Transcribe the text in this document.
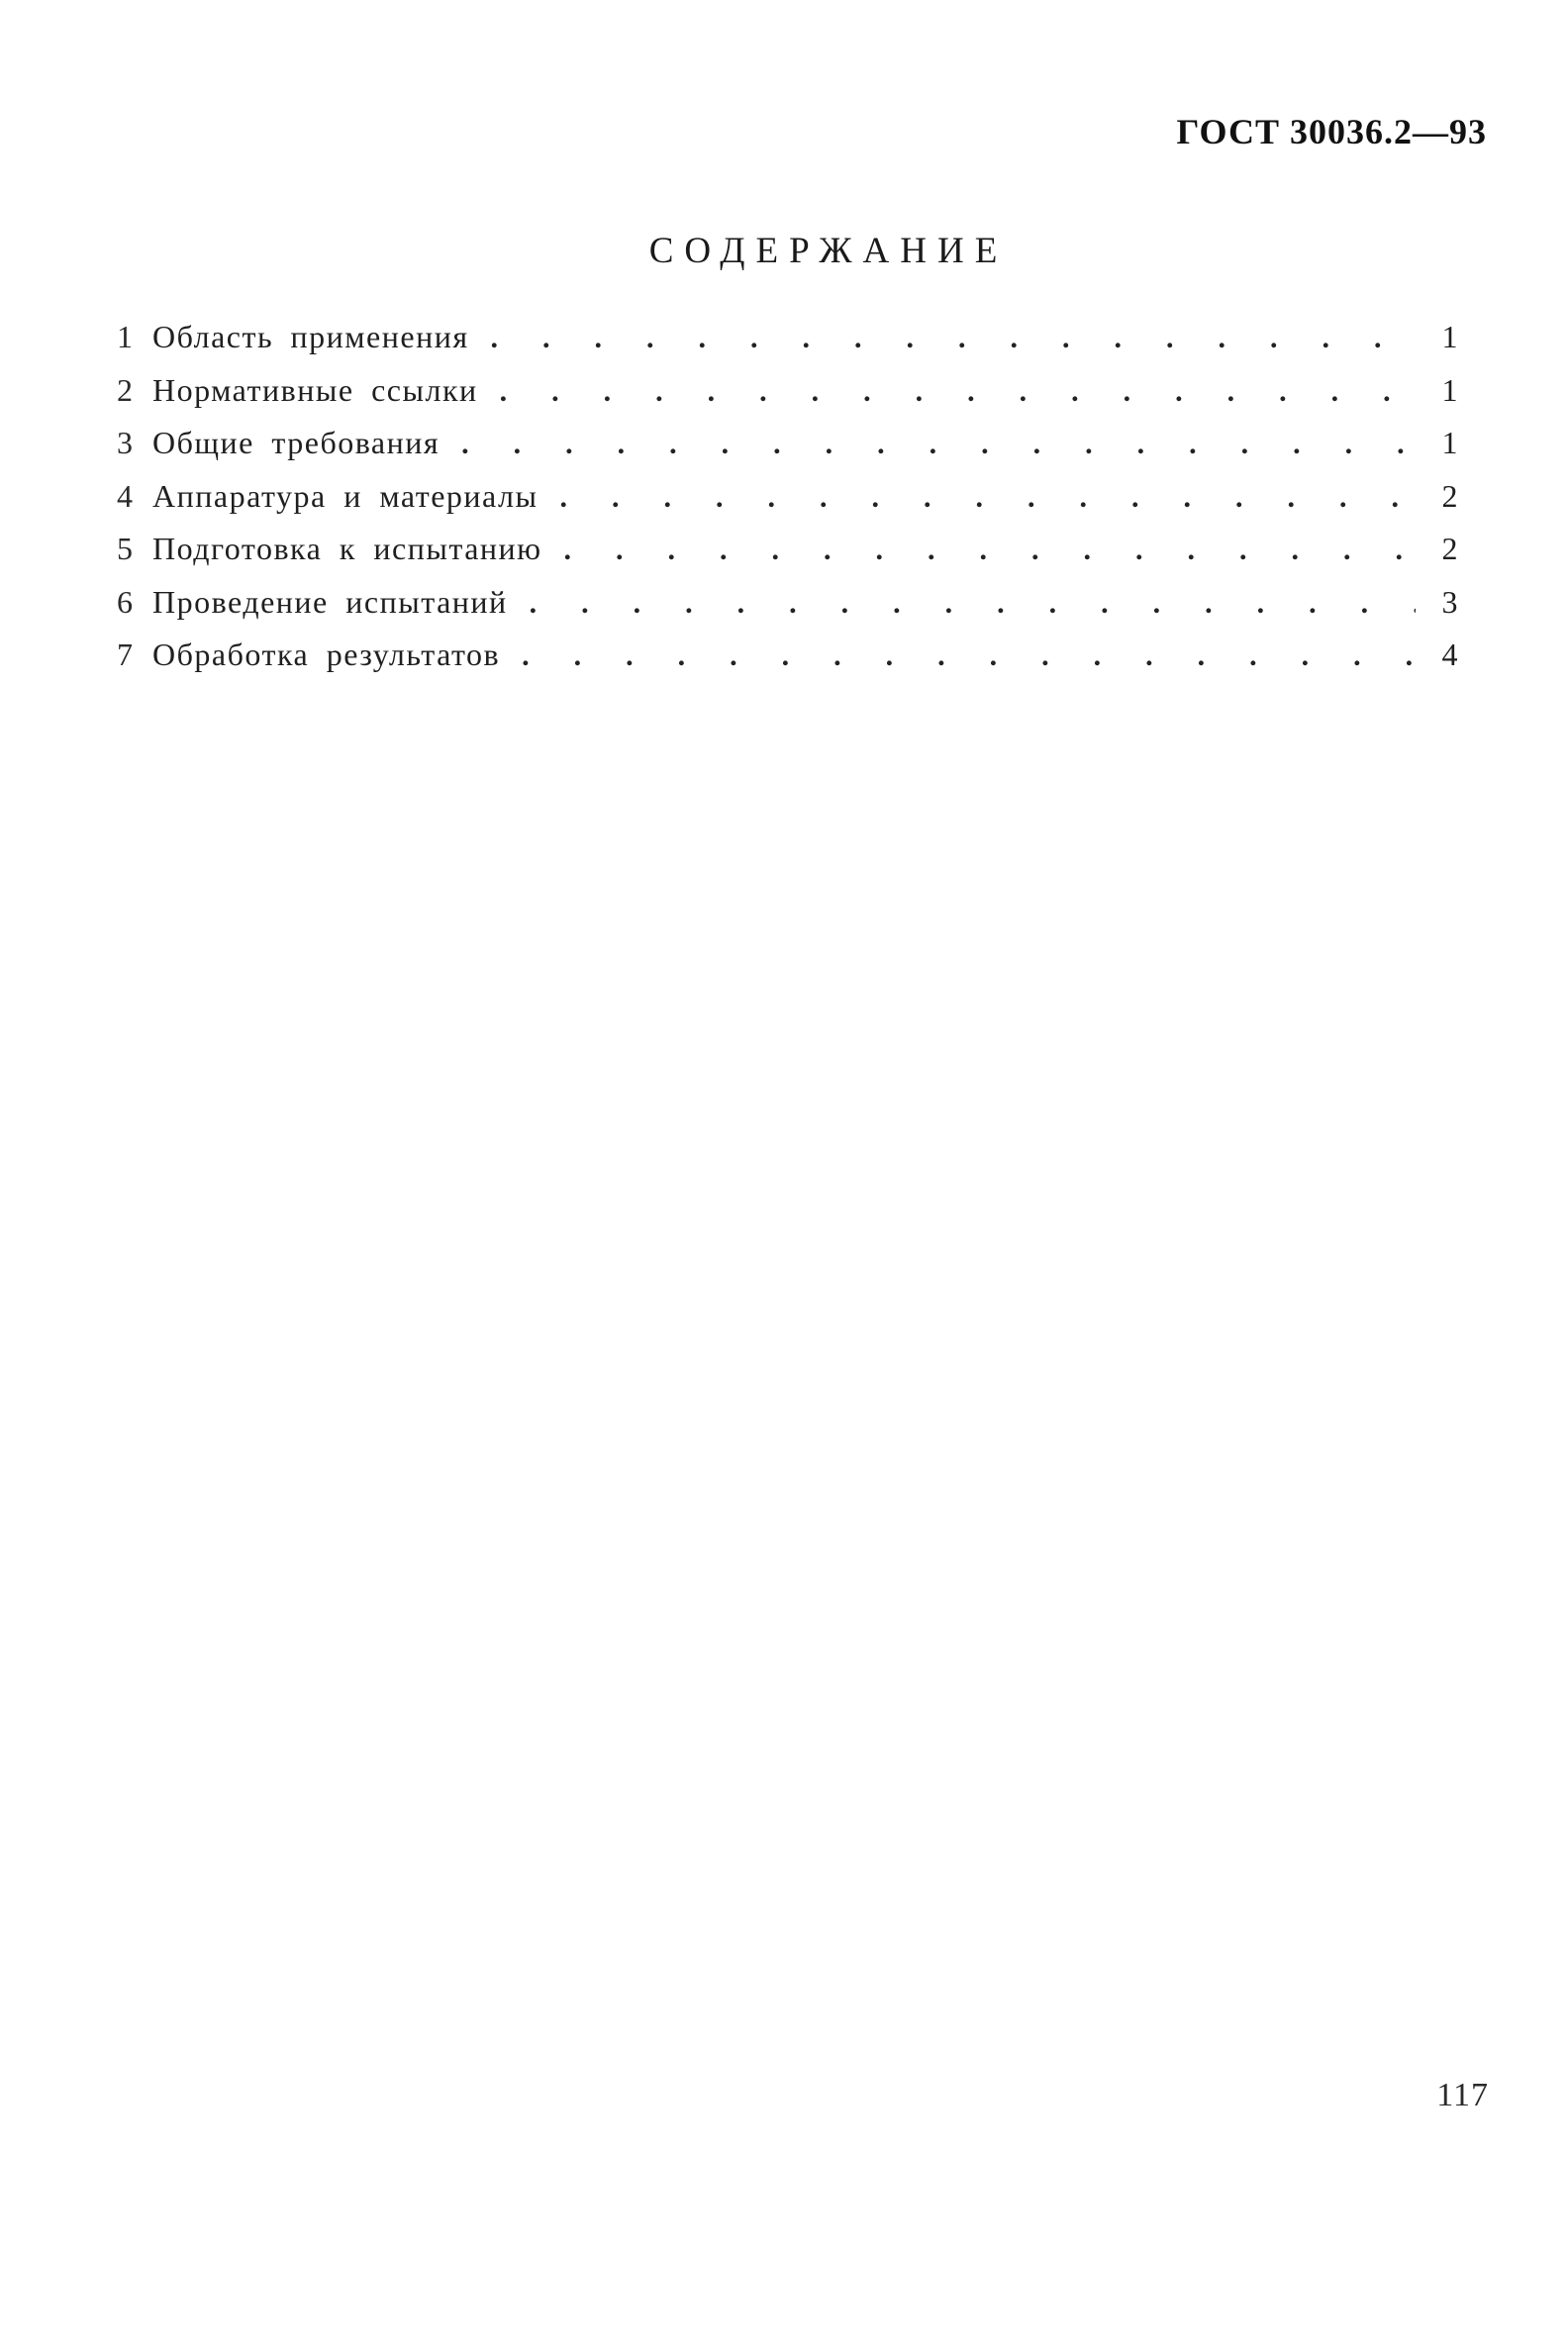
ГОСТ 30036.2—93
СОДЕРЖАНИЕ
1 Область применения .	1
2 Нормативные ссылки .	1
3 Общие требования .	1
4 Аппаратура и материалы .	2
5 Подготовка к испытанию .	2
6 Проведение испытаний .	3
7 Обработка результатов .	4
117
